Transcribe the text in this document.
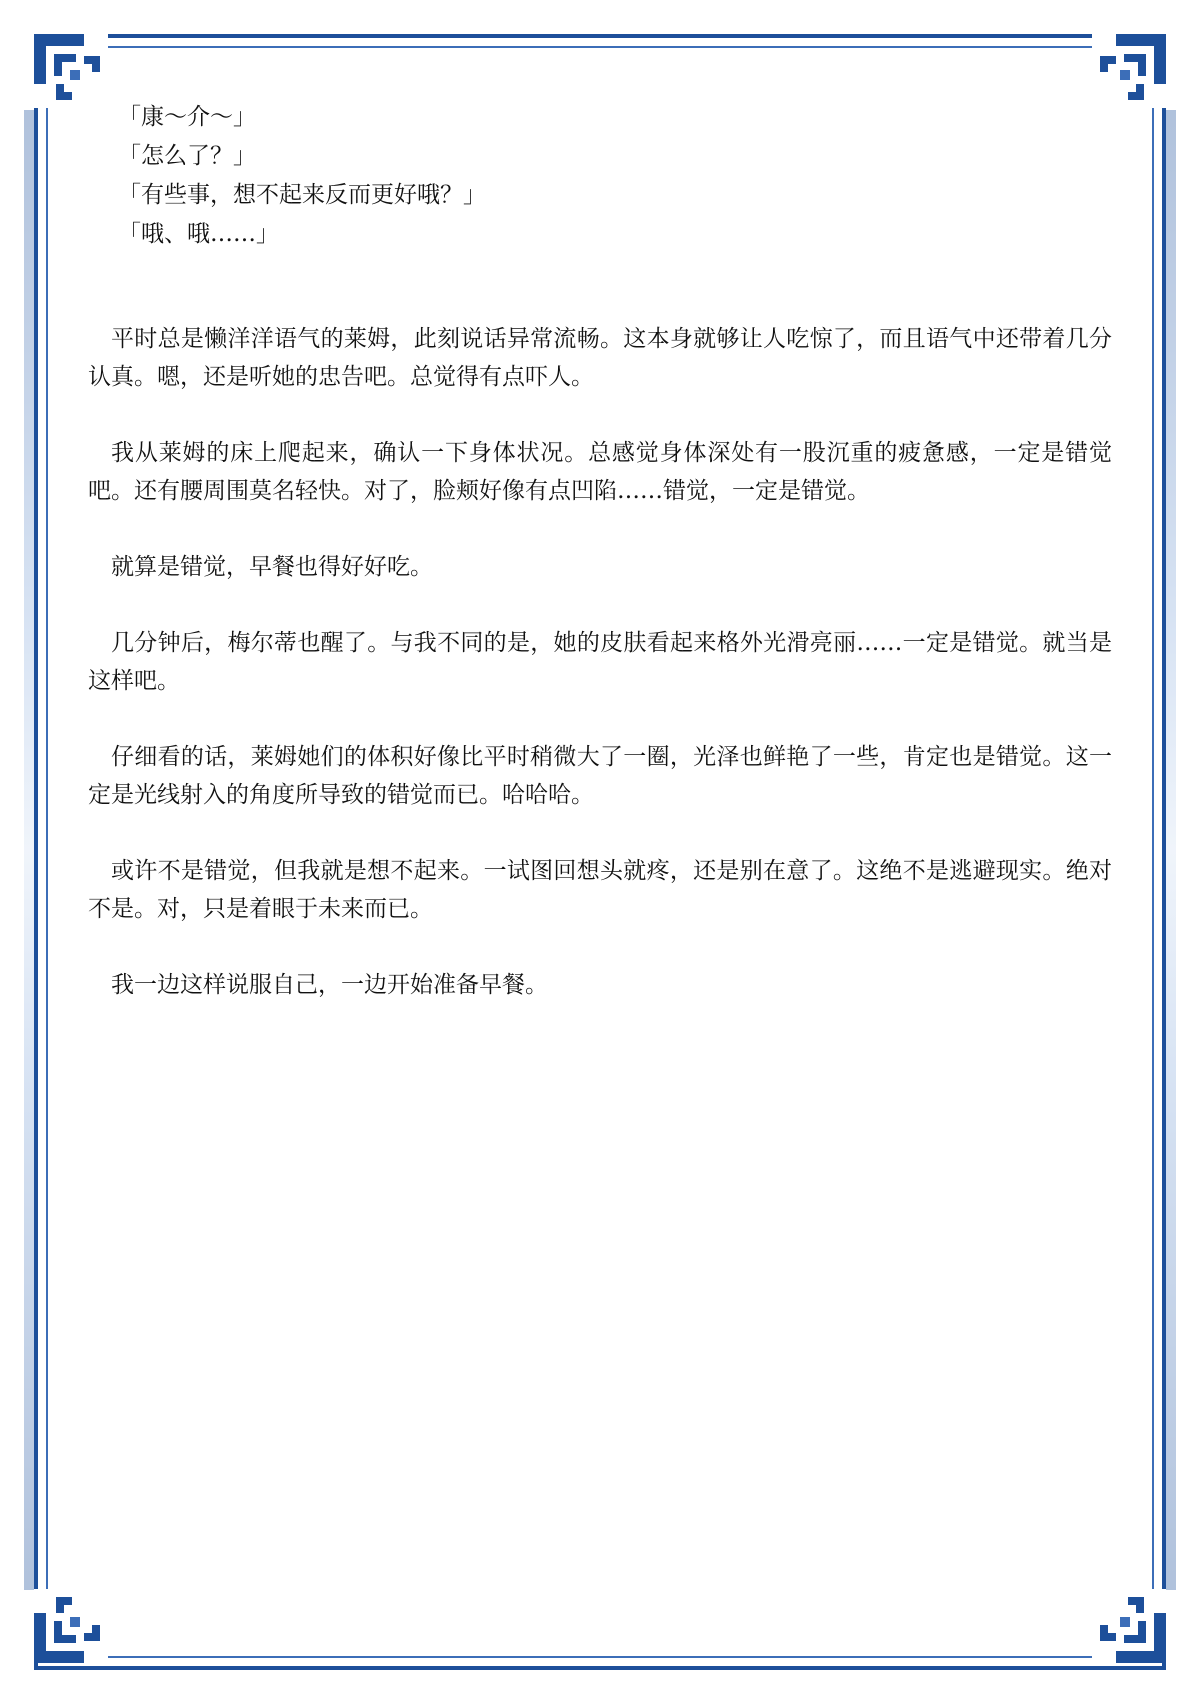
「康～介～」
「怎么了？」
「有些事，想不起来反而更好哦？」
「哦、哦……」

平时总是懒洋洋语气的莱姆，此刻说话异常流畅。这本身就够让人吃惊了，而且语气中还带着几分认真。嗯，还是听她的忠告吧。总觉得有点吓人。

我从莱姆的床上爬起来，确认一下身体状况。总感觉身体深处有一股沉重的疲惫感，一定是错觉吧。还有腰周围莫名轻快。对了，脸颊好像有点凹陷……错觉，一定是错觉。

就算是错觉，早餐也得好好吃。

几分钟后，梅尔蒂也醒了。与我不同的是，她的皮肤看起来格外光滑亮丽……一定是错觉。就当是这样吧。

仔细看的话，莱姆她们的体积好像比平时稍微大了一圈，光泽也鲜艳了一些，肯定也是错觉。这一定是光线射入的角度所导致的错觉而已。哈哈哈。

或许不是错觉，但我就是想不起来。一试图回想头就疼，还是别在意了。这绝不是逃避现实。绝对不是。对，只是着眼于未来而已。

我一边这样说服自己，一边开始准备早餐。
